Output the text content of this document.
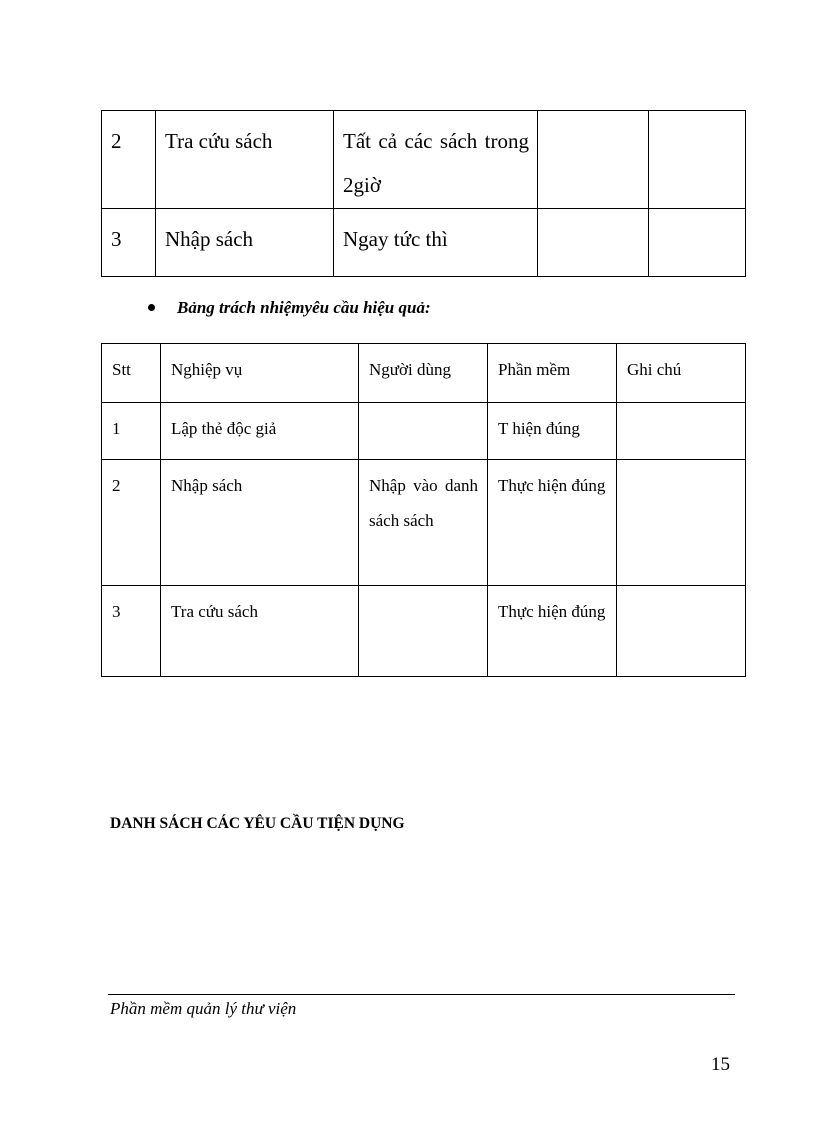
2	Tra cứu sách	Tất cả các sách trong 2giờ		
3	Nhập sách	Ngay tức thì		
Bảng trách nhiệmyêu cầu hiệu quả:
Stt	Nghiệp vụ	Người dùng	Phần mềm	Ghi chú
1	Lập thẻ độc giả		T hiện đúng	
2	Nhập sách	Nhập vào danh sách sách	Thực hiện đúng	
3	Tra cứu sách		Thực hiện đúng	
DANH SÁCH CÁC YÊU CẦU TIỆN DỤNG
Phần mềm quản lý thư viện
15
